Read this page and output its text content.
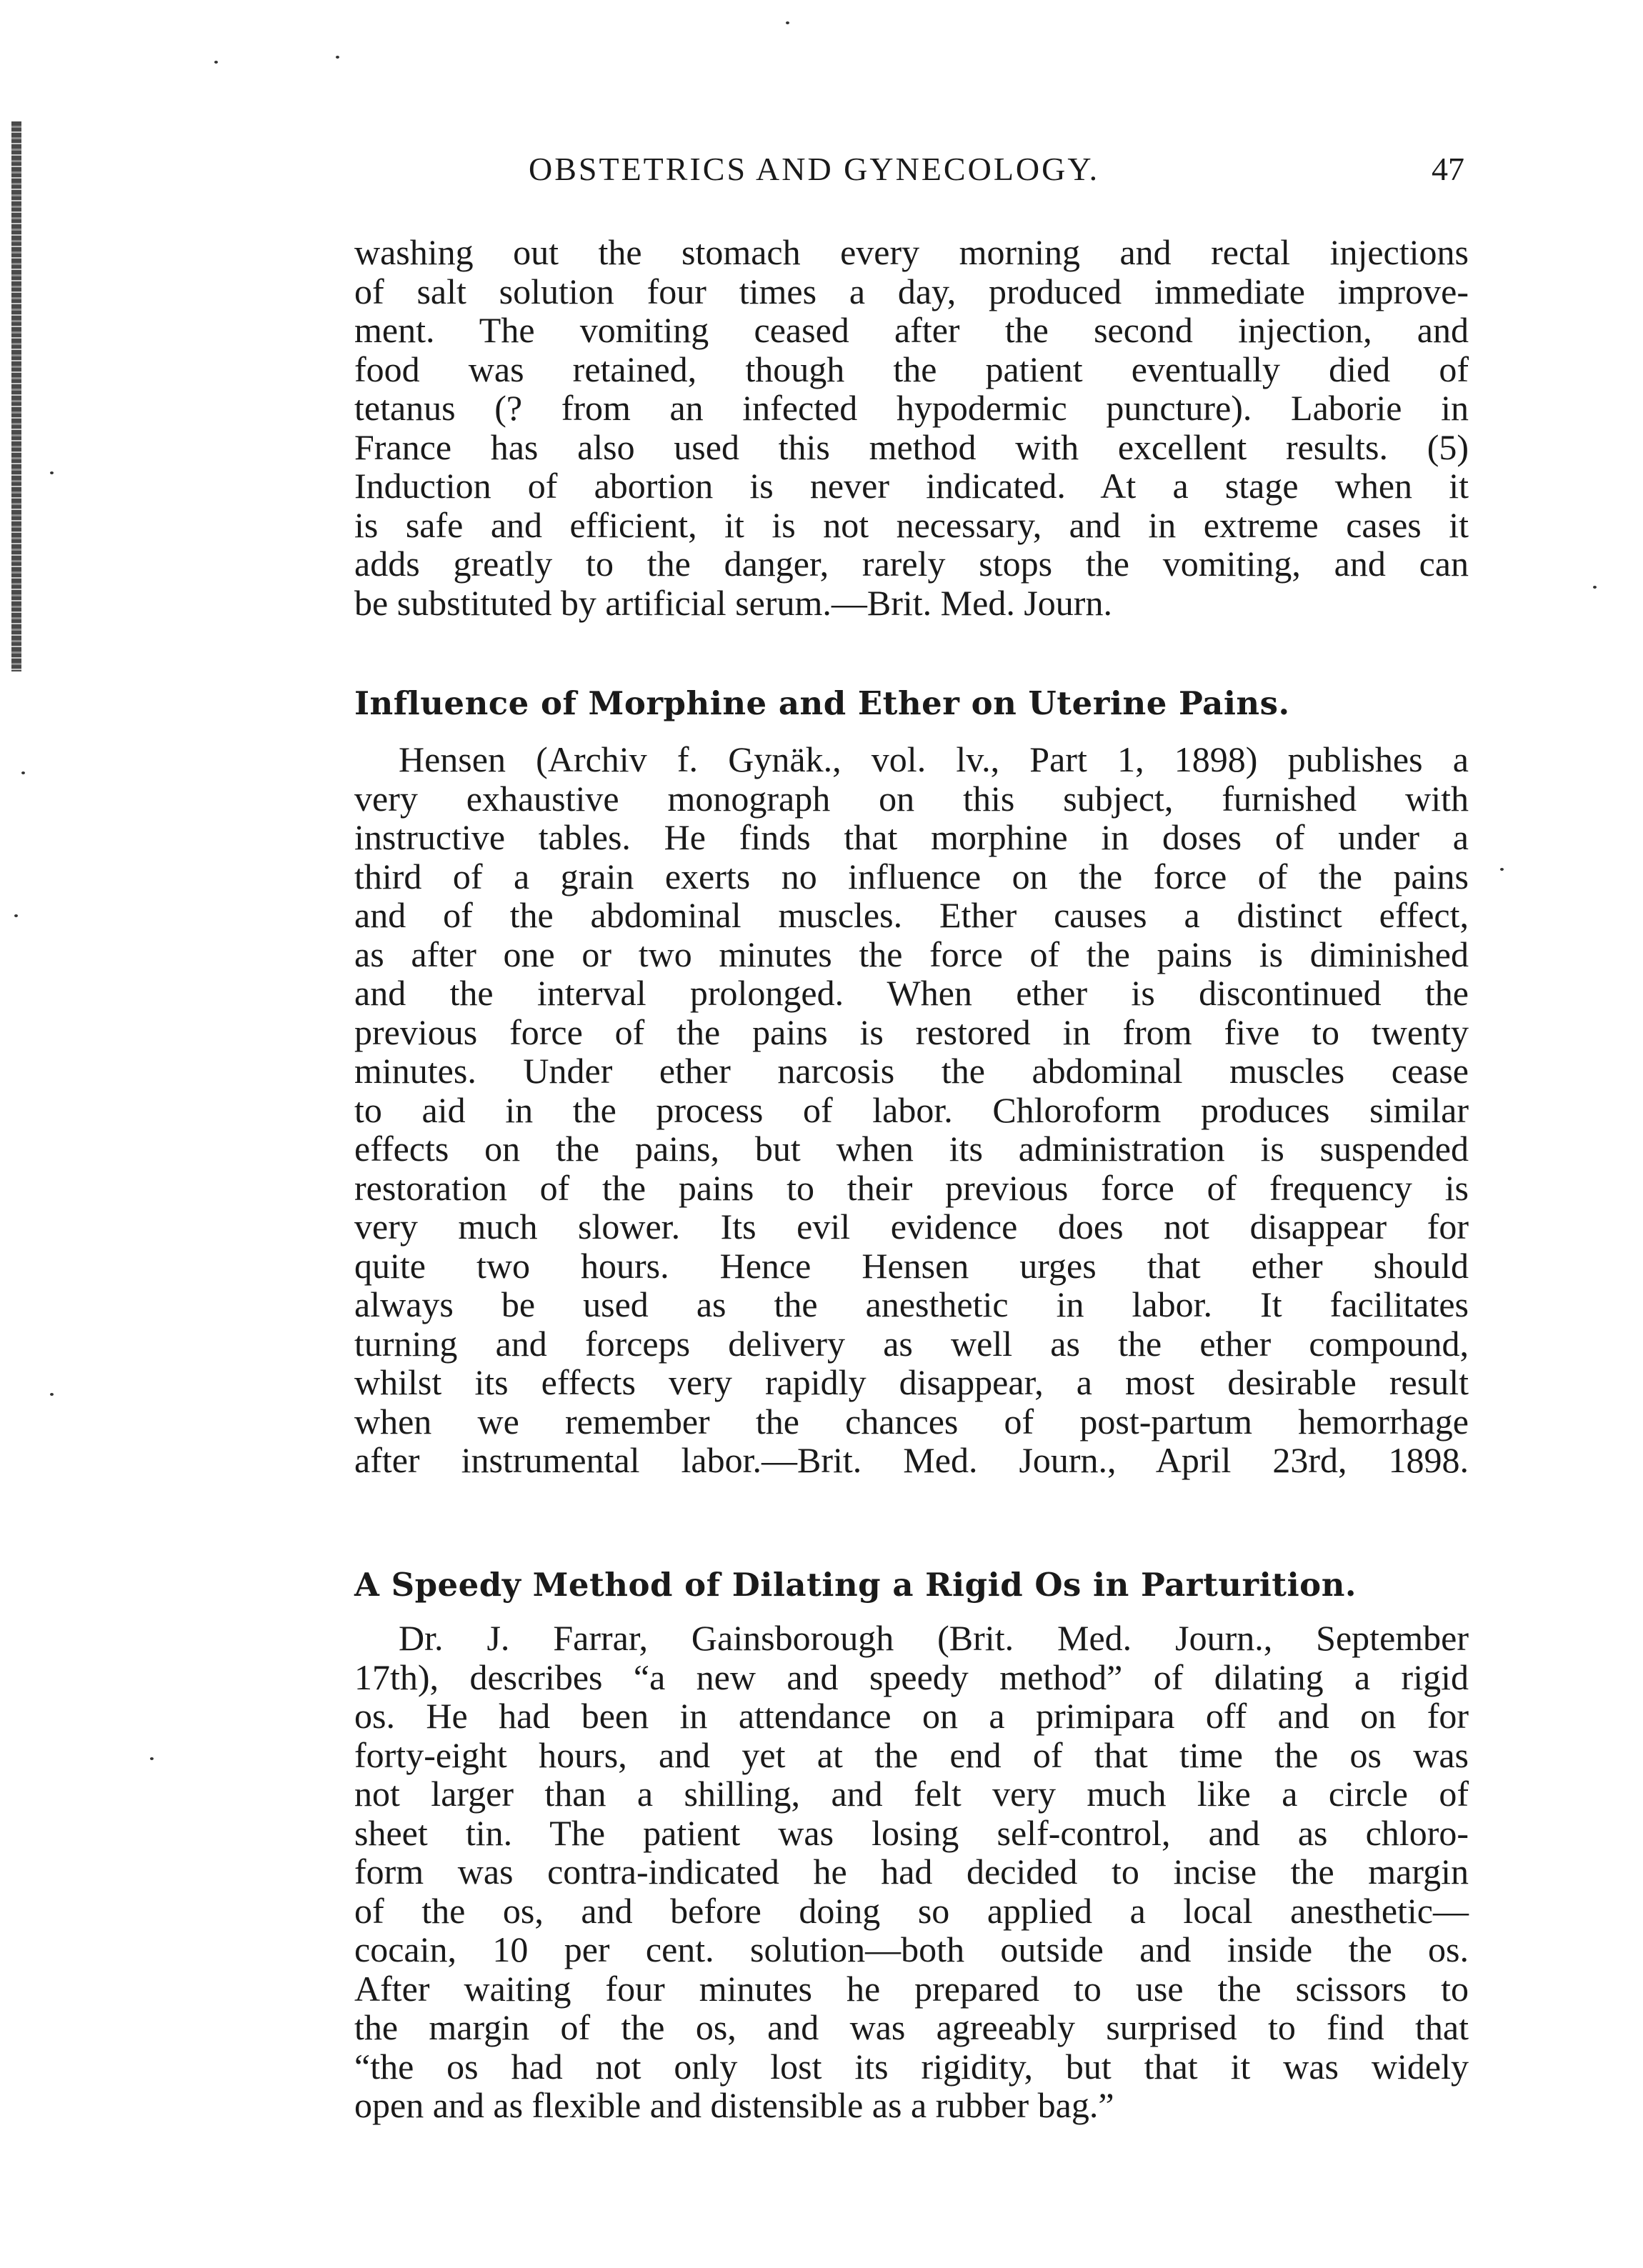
OBSTETRICS AND GYNECOLOGY.	47
washing out the stomach every morning and rectal injections
of salt solution four times a day, produced immediate improve-
ment. The vomiting ceased after the second injection, and
food was retained, though the patient eventually died of
tetanus (? from an infected hypodermic puncture). Laborie in
France has also used this method with excellent results. (5)
Induction of abortion is never indicated. At a stage when it
is safe and efficient, it is not necessary, and in extreme cases it
adds greatly to the danger, rarely stops the vomiting, and can
be substituted by artificial serum.—Brit. Med. Journ.
Influence of Morphine and Ether on Uterine Pains.
Hensen (Archiv f. Gynäk., vol. lv., Part 1, 1898) publishes a
very exhaustive monograph on this subject, furnished with
instructive tables. He finds that morphine in doses of under a
third of a grain exerts no influence on the force of the pains
and of the abdominal muscles. Ether causes a distinct effect,
as after one or two minutes the force of the pains is diminished
and the interval prolonged. When ether is discontinued the
previous force of the pains is restored in from five to twenty
minutes. Under ether narcosis the abdominal muscles cease
to aid in the process of labor. Chloroform produces similar
effects on the pains, but when its administration is suspended
restoration of the pains to their previous force of frequency is
very much slower. Its evil evidence does not disappear for
quite two hours. Hence Hensen urges that ether should
always be used as the anesthetic in labor. It facilitates
turning and forceps delivery as well as the ether compound,
whilst its effects very rapidly disappear, a most desirable result
when we remember the chances of post-partum hemorrhage
after instrumental labor.—Brit. Med. Journ., April 23rd, 1898.
A Speedy Method of Dilating a Rigid Os in Parturition.
Dr. J. Farrar, Gainsborough (Brit. Med. Journ., September
17th), describes “a new and speedy method” of dilating a rigid
os. He had been in attendance on a primipara off and on for
forty-eight hours, and yet at the end of that time the os was
not larger than a shilling, and felt very much like a circle of
sheet tin. The patient was losing self-control, and as chloro-
form was contra-indicated he had decided to incise the margin
of the os, and before doing so applied a local anesthetic—
cocain, 10 per cent. solution—both outside and inside the os.
After waiting four minutes he prepared to use the scissors to
the margin of the os, and was agreeably surprised to find that
“the os had not only lost its rigidity, but that it was widely
open and as flexible and distensible as a rubber bag.”
